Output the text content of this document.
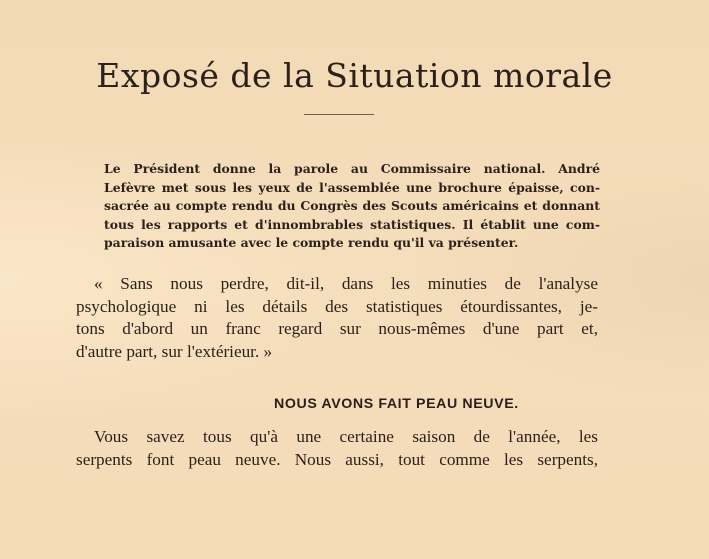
Exposé de la Situation morale
Le Président donne la parole au Commissaire national. André
Lefèvre met sous les yeux de l'assemblée une brochure épaisse, con-
sacrée au compte rendu du Congrès des Scouts américains et donnant
tous les rapports et d'innombrables statistiques. Il établit une com-
paraison amusante avec le compte rendu qu'il va présenter.
« Sans nous perdre, dit-il, dans les minuties de l'analyse
psychologique ni les détails des statistiques étourdissantes, je-
tons d'abord un franc regard sur nous-mêmes d'une part et,
d'autre part, sur l'extérieur. »
NOUS AVONS FAIT PEAU NEUVE.
Vous savez tous qu'à une certaine saison de l'année, les
serpents font peau neuve. Nous aussi, tout comme les serpents,
